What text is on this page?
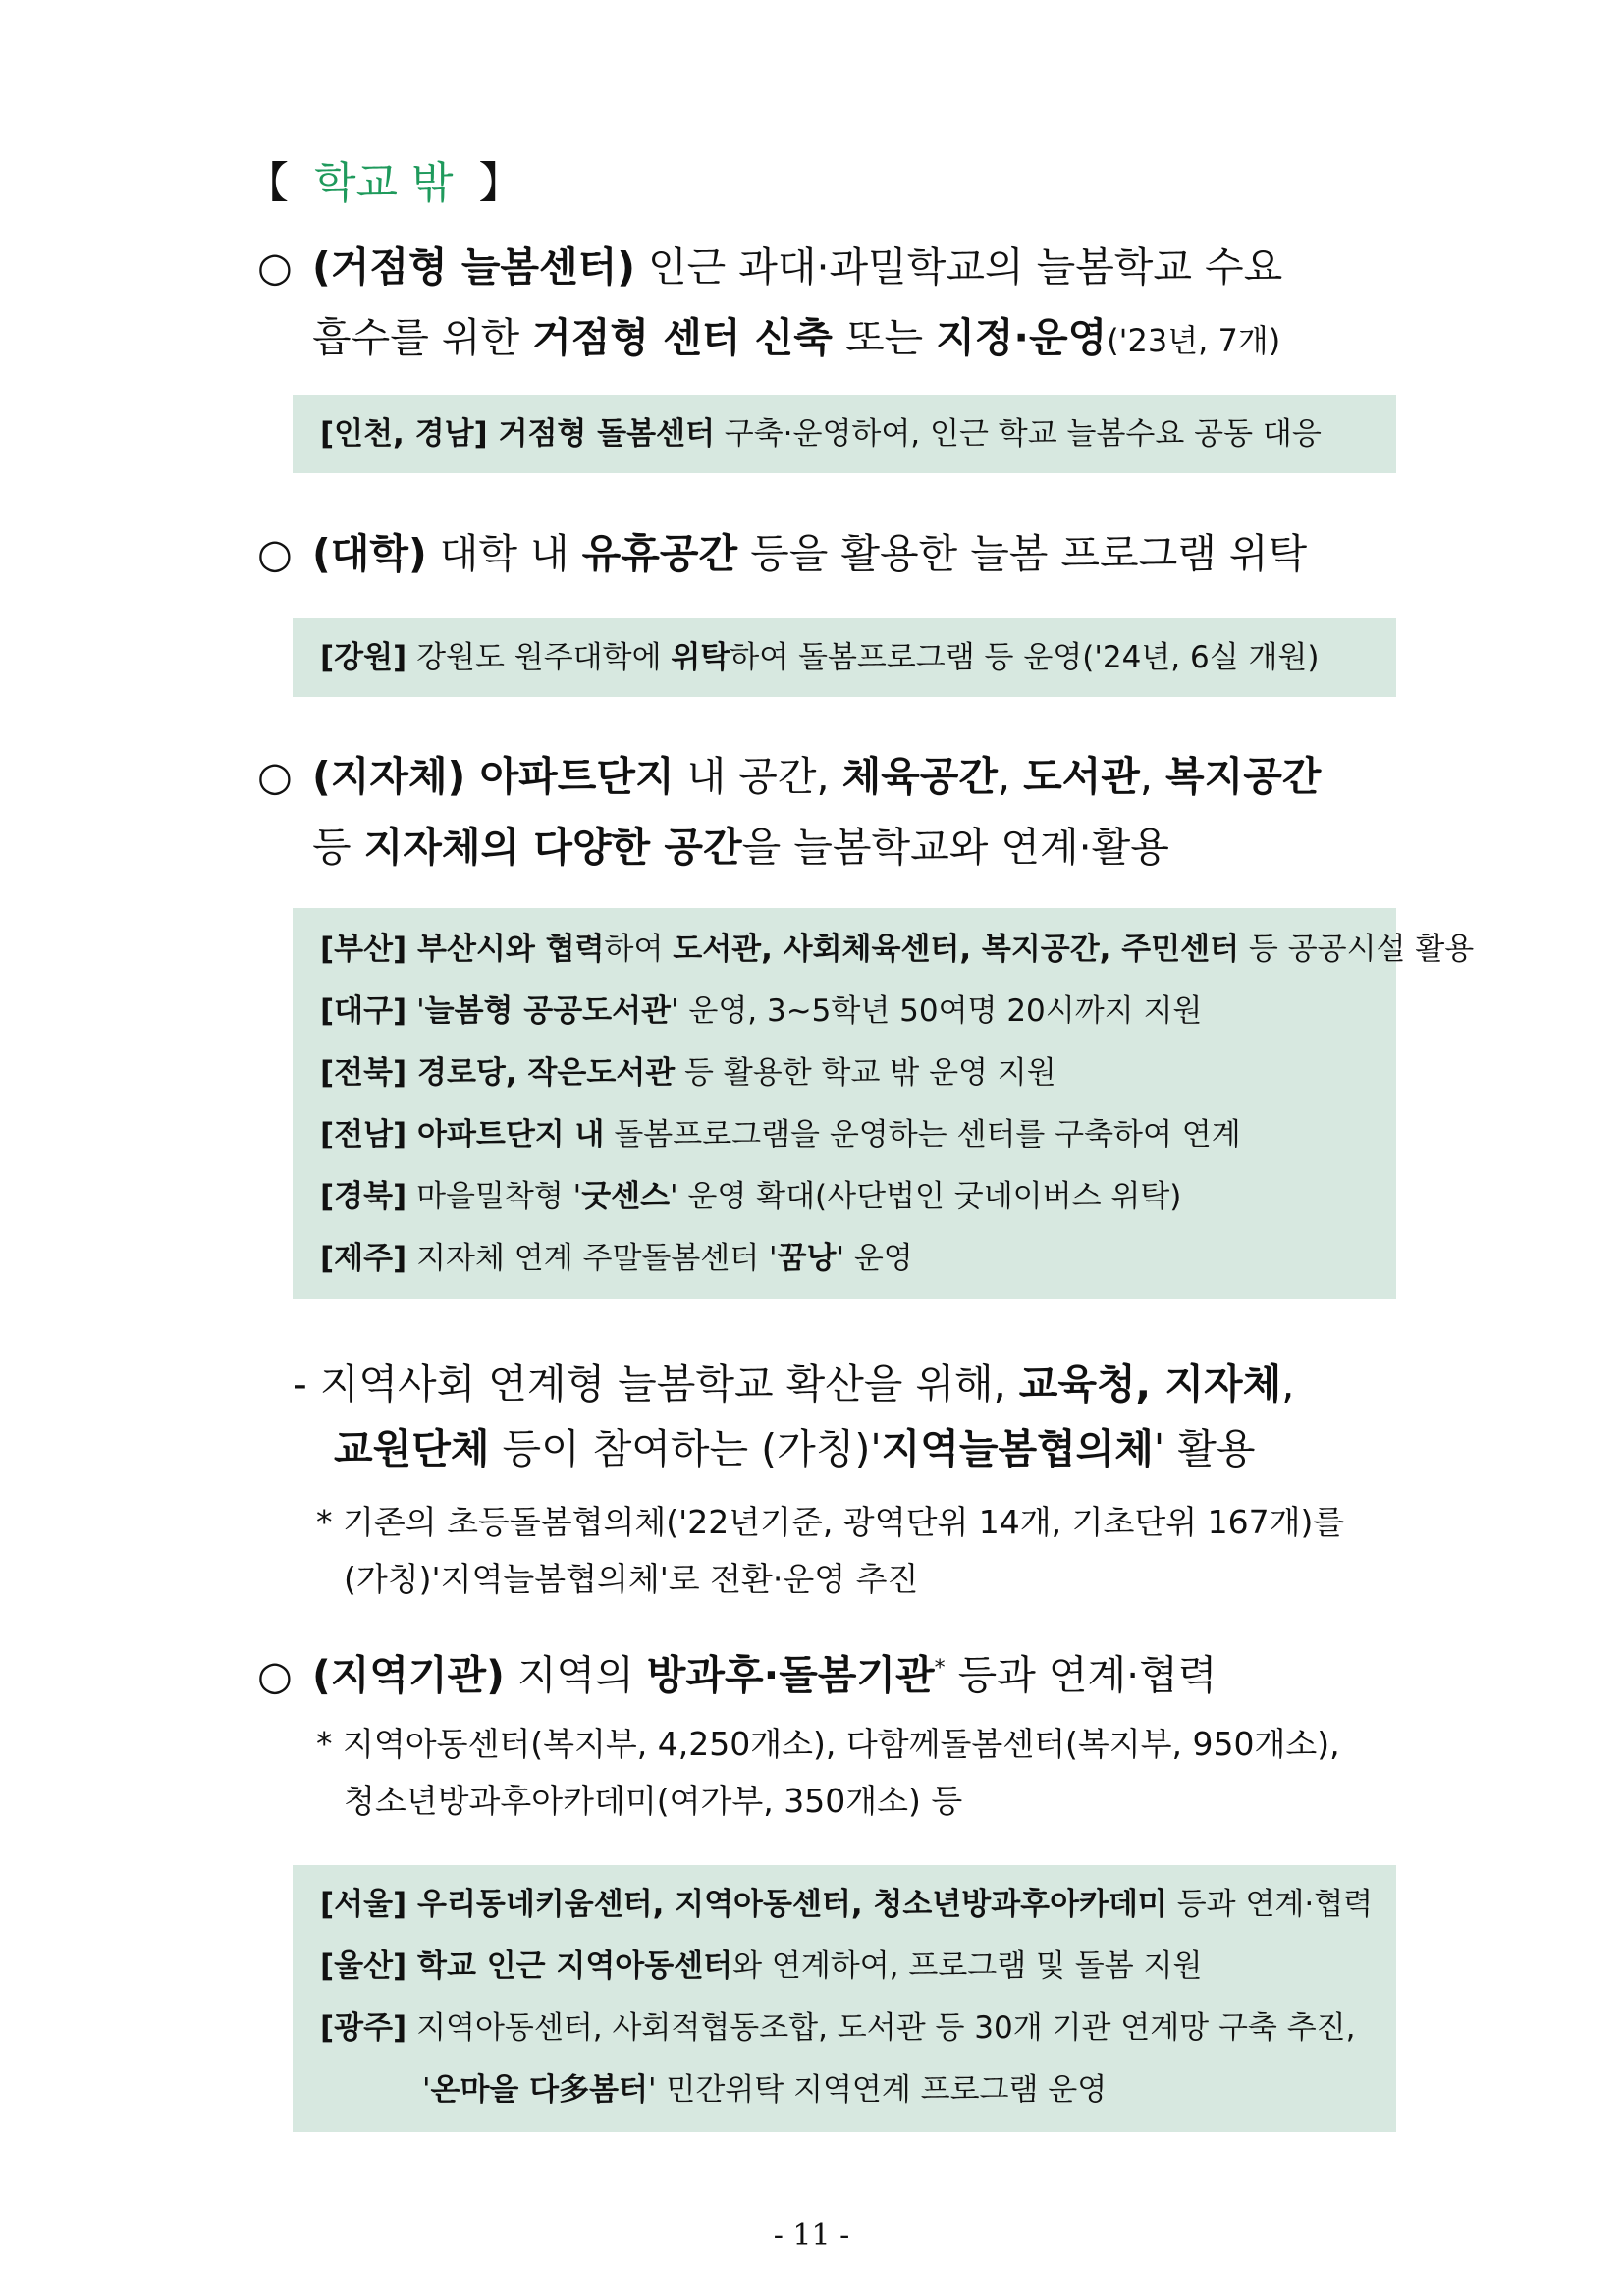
【 학교 밖 】
○ (거점형 늘봄센터) 인근 과대·과밀학교의 늘봄학교 수요
흡수를 위한 거점형 센터 신축 또는 지정·운영('23년, 7개)
[인천, 경남] 거점형 돌봄센터 구축·운영하여, 인근 학교 늘봄수요 공동 대응
○ (대학) 대학 내 유휴공간 등을 활용한 늘봄 프로그램 위탁
[강원] 강원도 원주대학에 위탁하여 돌봄프로그램 등 운영('24년, 6실 개원)
○ (지자체) 아파트단지 내 공간, 체육공간, 도서관, 복지공간
등 지자체의 다양한 공간을 늘봄학교와 연계·활용
[부산] 부산시와 협력하여 도서관, 사회체육센터, 복지공간, 주민센터 등 공공시설 활용
[대구] '늘봄형 공공도서관' 운영, 3~5학년 50여명 20시까지 지원
[전북] 경로당, 작은도서관 등 활용한 학교 밖 운영 지원
[전남] 아파트단지 내 돌봄프로그램을 운영하는 센터를 구축하여 연계
[경북] 마을밀착형 '굿센스' 운영 확대(사단법인 굿네이버스 위탁)
[제주] 지자체 연계 주말돌봄센터 '꿈낭' 운영
- 지역사회 연계형 늘봄학교 확산을 위해, 교육청, 지자체,
교원단체 등이 참여하는 (가칭)'지역늘봄협의체' 활용
* 기존의 초등돌봄협의체('22년기준, 광역단위 14개, 기초단위 167개)를
(가칭)'지역늘봄협의체'로 전환·운영 추진
○ (지역기관) 지역의 방과후·돌봄기관* 등과 연계·협력
* 지역아동센터(복지부, 4,250개소), 다함께돌봄센터(복지부, 950개소),
청소년방과후아카데미(여가부, 350개소) 등
[서울] 우리동네키움센터, 지역아동센터, 청소년방과후아카데미 등과 연계·협력
[울산] 학교 인근 지역아동센터와 연계하여, 프로그램 및 돌봄 지원
[광주] 지역아동센터, 사회적협동조합, 도서관 등 30개 기관 연계망 구축 추진,
'온마을 다多봄터' 민간위탁 지역연계 프로그램 운영
- 11 -
